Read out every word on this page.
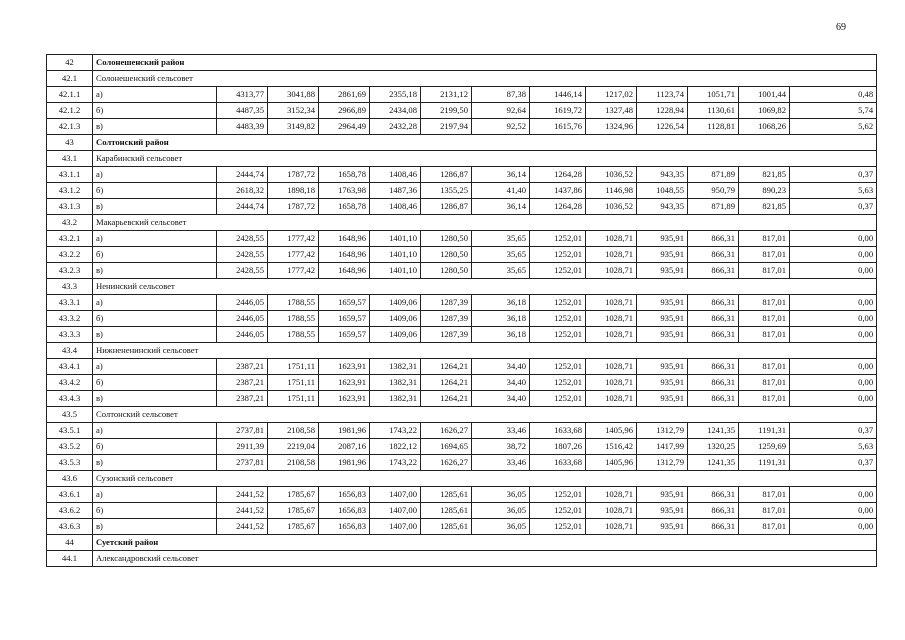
69
42	Солонешенский район												
42.1	Солонешенский сельсовет												
42.1.1	а)	4313,77	3041,88	2861,69	2355,18	2131,12	87,38	1446,14	1217,02	1123,74	1051,71	1001,44	0,48
42.1.2	б)	4487,35	3152,34	2966,89	2434,08	2199,50	92,64	1619,72	1327,48	1228,94	1130,61	1069,82	5,74
42.1.3	в)	4483,39	3149,82	2964,49	2432,28	2197,94	92,52	1615,76	1324,96	1226,54	1128,81	1068,26	5,62
43	Солтонский район												
43.1	Карабинский сельсовет												
43.1.1	а)	2444,74	1787,72	1658,78	1408,46	1286,87	36,14	1264,28	1036,52	943,35	871,89	821,85	0,37
43.1.2	б)	2618,32	1898,18	1763,98	1487,36	1355,25	41,40	1437,86	1146,98	1048,55	950,79	890,23	5,63
43.1.3	в)	2444,74	1787,72	1658,78	1408,46	1286,87	36,14	1264,28	1036,52	943,35	871,89	821,85	0,37
43.2	Макарьевский сельсовет												
43.2.1	а)	2428,55	1777,42	1648,96	1401,10	1280,50	35,65	1252,01	1028,71	935,91	866,31	817,01	0,00
43.2.2	б)	2428,55	1777,42	1648,96	1401,10	1280,50	35,65	1252,01	1028,71	935,91	866,31	817,01	0,00
43.2.3	в)	2428,55	1777,42	1648,96	1401,10	1280,50	35,65	1252,01	1028,71	935,91	866,31	817,01	0,00
43.3	Ненинский сельсовет												
43.3.1	а)	2446,05	1788,55	1659,57	1409,06	1287,39	36,18	1252,01	1028,71	935,91	866,31	817,01	0,00
43.3.2	б)	2446,05	1788,55	1659,57	1409,06	1287,39	36,18	1252,01	1028,71	935,91	866,31	817,01	0,00
43.3.3	в)	2446,05	1788,55	1659,57	1409,06	1287,39	36,18	1252,01	1028,71	935,91	866,31	817,01	0,00
43.4	Нижнененинский сельсовет												
43.4.1	а)	2387,21	1751,11	1623,91	1382,31	1264,21	34,40	1252,01	1028,71	935,91	866,31	817,01	0,00
43.4.2	б)	2387,21	1751,11	1623,91	1382,31	1264,21	34,40	1252,01	1028,71	935,91	866,31	817,01	0,00
43.4.3	в)	2387,21	1751,11	1623,91	1382,31	1264,21	34,40	1252,01	1028,71	935,91	866,31	817,01	0,00
43.5	Солтонский сельсовет												
43.5.1	а)	2737,81	2108,58	1981,96	1743,22	1626,27	33,46	1633,68	1405,96	1312,79	1241,35	1191,31	0,37
43.5.2	б)	2911,39	2219,04	2087,16	1822,12	1694,65	38,72	1807,26	1516,42	1417,99	1320,25	1259,69	5,63
43.5.3	в)	2737,81	2108,58	1981,96	1743,22	1626,27	33,46	1633,68	1405,96	1312,79	1241,35	1191,31	0,37
43.6	Сузонский сельсовет												
43.6.1	а)	2441,52	1785,67	1656,83	1407,00	1285,61	36,05	1252,01	1028,71	935,91	866,31	817,01	0,00
43.6.2	б)	2441,52	1785,67	1656,83	1407,00	1285,61	36,05	1252,01	1028,71	935,91	866,31	817,01	0,00
43.6.3	в)	2441,52	1785,67	1656,83	1407,00	1285,61	36,05	1252,01	1028,71	935,91	866,31	817,01	0,00
44	Суетский район												
44.1	Александровский сельсовет												
